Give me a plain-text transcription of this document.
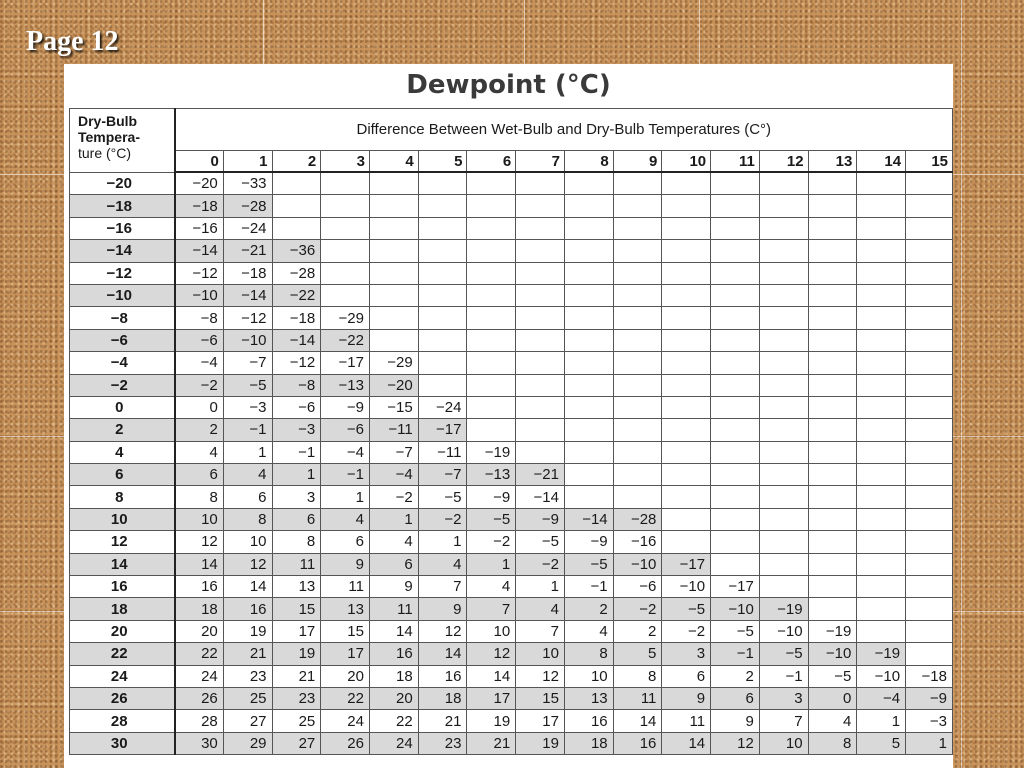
Page 12
Dewpoint (°C)
Dry-Bulb
Tempera-
ture (°C)	Difference Between Wet-Bulb and Dry-Bulb Temperatures (C°)															
	0	1	2	3	4	5	6	7	8	9	10	11	12	13	14	15
−20	−20	−33														
−18	−18	−28														
−16	−16	−24														
−14	−14	−21	−36													
−12	−12	−18	−28													
−10	−10	−14	−22													
−8	−8	−12	−18	−29												
−6	−6	−10	−14	−22												
−4	−4	−7	−12	−17	−29											
−2	−2	−5	−8	−13	−20											
0	0	−3	−6	−9	−15	−24										
2	2	−1	−3	−6	−11	−17										
4	4	1	−1	−4	−7	−11	−19									
6	6	4	1	−1	−4	−7	−13	−21								
8	8	6	3	1	−2	−5	−9	−14								
10	10	8	6	4	1	−2	−5	−9	−14	−28						
12	12	10	8	6	4	1	−2	−5	−9	−16						
14	14	12	11	9	6	4	1	−2	−5	−10	−17					
16	16	14	13	11	9	7	4	1	−1	−6	−10	−17				
18	18	16	15	13	11	9	7	4	2	−2	−5	−10	−19			
20	20	19	17	15	14	12	10	7	4	2	−2	−5	−10	−19		
22	22	21	19	17	16	14	12	10	8	5	3	−1	−5	−10	−19	
24	24	23	21	20	18	16	14	12	10	8	6	2	−1	−5	−10	−18
26	26	25	23	22	20	18	17	15	13	11	9	6	3	0	−4	−9
28	28	27	25	24	22	21	19	17	16	14	11	9	7	4	1	−3
30	30	29	27	26	24	23	21	19	18	16	14	12	10	8	5	1
